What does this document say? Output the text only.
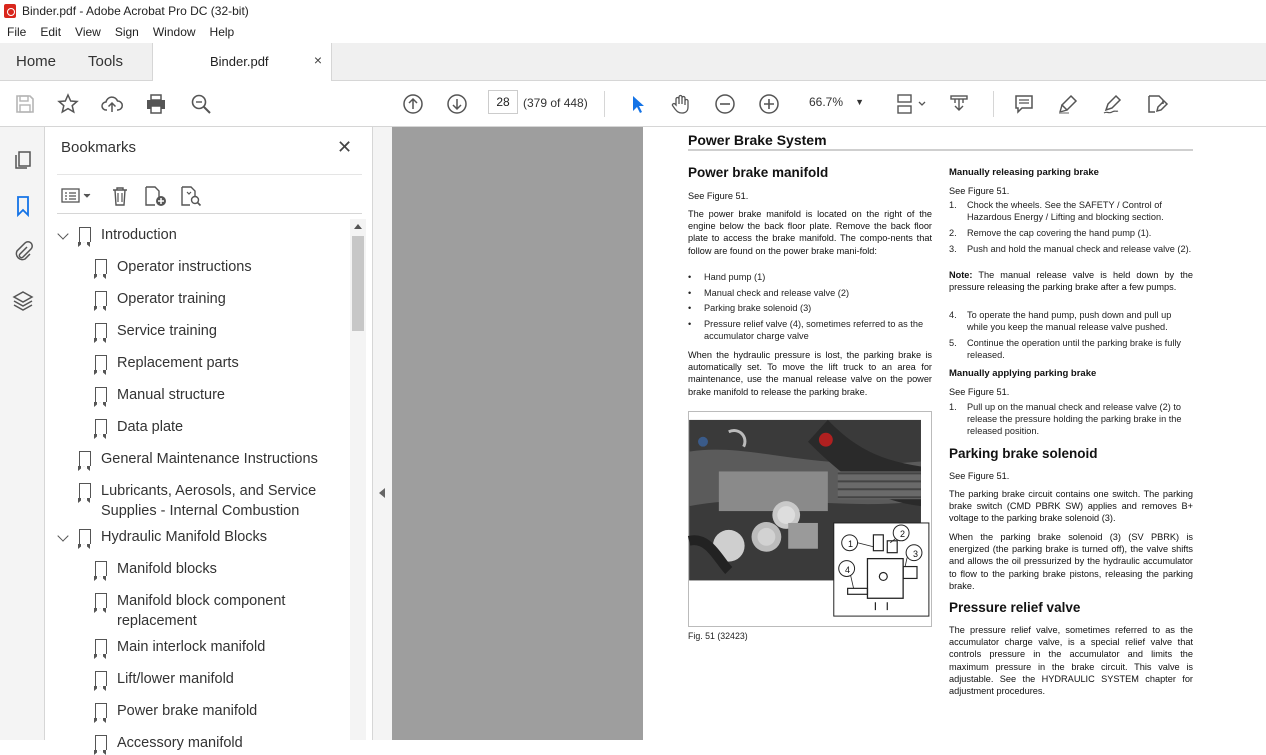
Binder.pdf - Adobe Acrobat Pro DC (32-bit)
File	Edit	View	Sign	Window	Help
Home Tools	Binder.pdf	×
28	(379 of 448)	66.7% ▼
Bookmarks	✕
Introduction
Operator instructions
Operator training
Service training
Replacement parts
Manual structure
Data plate
General Maintenance Instructions
Lubricants, Aerosols, and Service Supplies - Internal Combustion
Hydraulic Manifold Blocks
Manifold blocks
Manifold block component replacement
Main interlock manifold
Lift/lower manifold
Power brake manifold
Accessory manifold
Power Brake System
Power brake manifold
See Figure 51.
The power brake manifold is located on the right of the engine below the back floor plate. Remove the back floor plate to access the brake manifold. The compo-nents that follow are found on the power brake mani-fold:
• Hand pump (1)
• Manual check and release valve (2)
• Parking brake solenoid (3)
• Pressure relief valve (4), sometimes referred to as the accumulator charge valve
When the hydraulic pressure is lost, the parking brake is automatically set. To move the lift truck to an area for maintenance, use the manual release valve on the power brake manifold to release the parking brake.
1
2
3
4
Fig. 51 (32423)
Manually releasing parking brake
See Figure 51.
1. Chock the wheels. See the SAFETY / Control of Hazardous Energy / Lifting and blocking section.
2. Remove the cap covering the hand pump (1).
3. Push and hold the manual check and release valve (2).
Note: The manual release valve is held down by the pressure releasing the parking brake after a few pumps.
4. To operate the hand pump, push down and pull up while you keep the manual release valve pushed.
5. Continue the operation until the parking brake is fully released.
Manually applying parking brake
See Figure 51.
1. Pull up on the manual check and release valve (2) to release the pressure holding the parking brake in the released position.
Parking brake solenoid
See Figure 51.
The parking brake circuit contains one switch. The parking brake switch (CMD PBRK SW) applies and removes B+ voltage to the parking brake solenoid (3).
When the parking brake solenoid (3) (SV PBRK) is energized (the parking brake is turned off), the valve shifts and allows the oil pressurized by the hydraulic accumulator to flow to the parking brake pistons, releasing the parking brake.
Pressure relief valve
The pressure relief valve, sometimes referred to as the accumulator charge valve, is a special relief valve that controls pressure in the accumulator and limits the maximum pressure in the brake circuit. This valve is adjustable. See the HYDRAULIC SYSTEM chapter for adjustment procedures.
